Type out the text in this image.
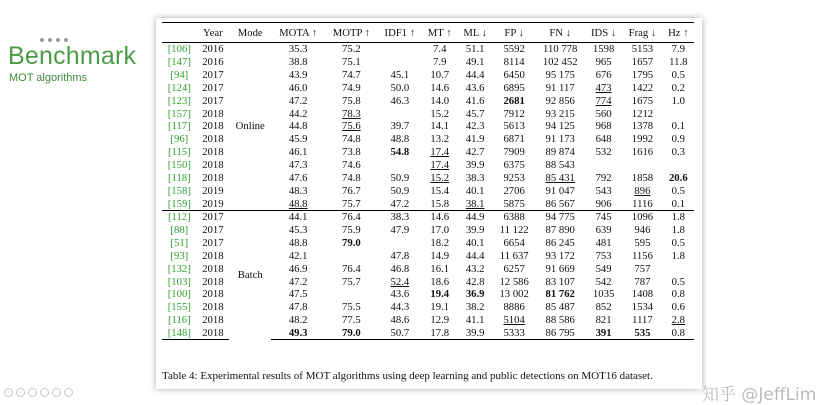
Benchmark
MOT algorithms
	Year	Mode	MOTA ↑	MOTP ↑	IDF1 ↑	MT ↑	ML ↓	FP ↓	FN ↓	IDS ↓	Frag ↓	Hz ↑
[106]	2016	Online	35.3	75.2		7.4	51.1	5592	110 778	1598	5153	7.9
[147]	2016		38.8	75.1		7.9	49.1	8114	102 452	965	1657	11.8
[94]	2017		43.9	74.7	45.1	10.7	44.4	6450	95 175	676	1795	0.5
[124]	2017		46.0	74.9	50.0	14.6	43.6	6895	91 117	473	1422	0.2
[123]	2017		47.2	75.8	46.3	14.0	41.6	2681	92 856	774	1675	1.0
[157]	2018		44.2	78.3		15.2	45.7	7912	93 215	560	1212	
[117]	2018		44.8	75.6	39.7	14.1	42.3	5613	94 125	968	1378	0.1
[96]	2018		45.9	74.8	48.8	13.2	41.9	6871	91 173	648	1992	0.9
[115]	2018		46.1	73.8	54.8	17.4	42.7	7909	89 874	532	1616	0.3
[150]	2018		47.3	74.6		17.4	39.9	6375	88 543			
[118]	2018		47.6	74.8	50.9	15.2	38.3	9253	85 431	792	1858	20.6
[158]	2019		48.3	76.7	50.9	15.4	40.1	2706	91 047	543	896	0.5
[159]	2019		48.8	75.7	47.2	15.8	38.1	5875	86 567	906	1116	0.1
[112]	2017	Batch	44.1	76.4	38.3	14.6	44.9	6388	94 775	745	1096	1.8
[88]	2017		45.3	75.9	47.9	17.0	39.9	11 122	87 890	639	946	1.8
[51]	2017		48.8	79.0		18.2	40.1	6654	86 245	481	595	0.5
[93]	2018		42.1		47.8	14.9	44.4	11 637	93 172	753	1156	1.8
[132]	2018		46.9	76.4	46.8	16.1	43.2	6257	91 669	549	757	
[103]	2018		47.2	75.7	52.4	18.6	42.8	12 586	83 107	542	787	0.5
[100]	2018		47.5		43.6	19.4	36.9	13 002	81 762	1035	1408	0.8
[155]	2018		47.8	75.5	44.3	19.1	38.2	8886	85 487	852	1534	0.6
[116]	2018		48.2	77.5	48.6	12.9	41.1	5104	88 586	821	1117	2.8
[148]	2018		49.3	79.0	50.7	17.8	39.9	5333	86 795	391	535	0.8
Table 4: Experimental results of MOT algorithms using deep learning and public detections on MOT16 dataset.
知乎 @JeffLim
‹	›
